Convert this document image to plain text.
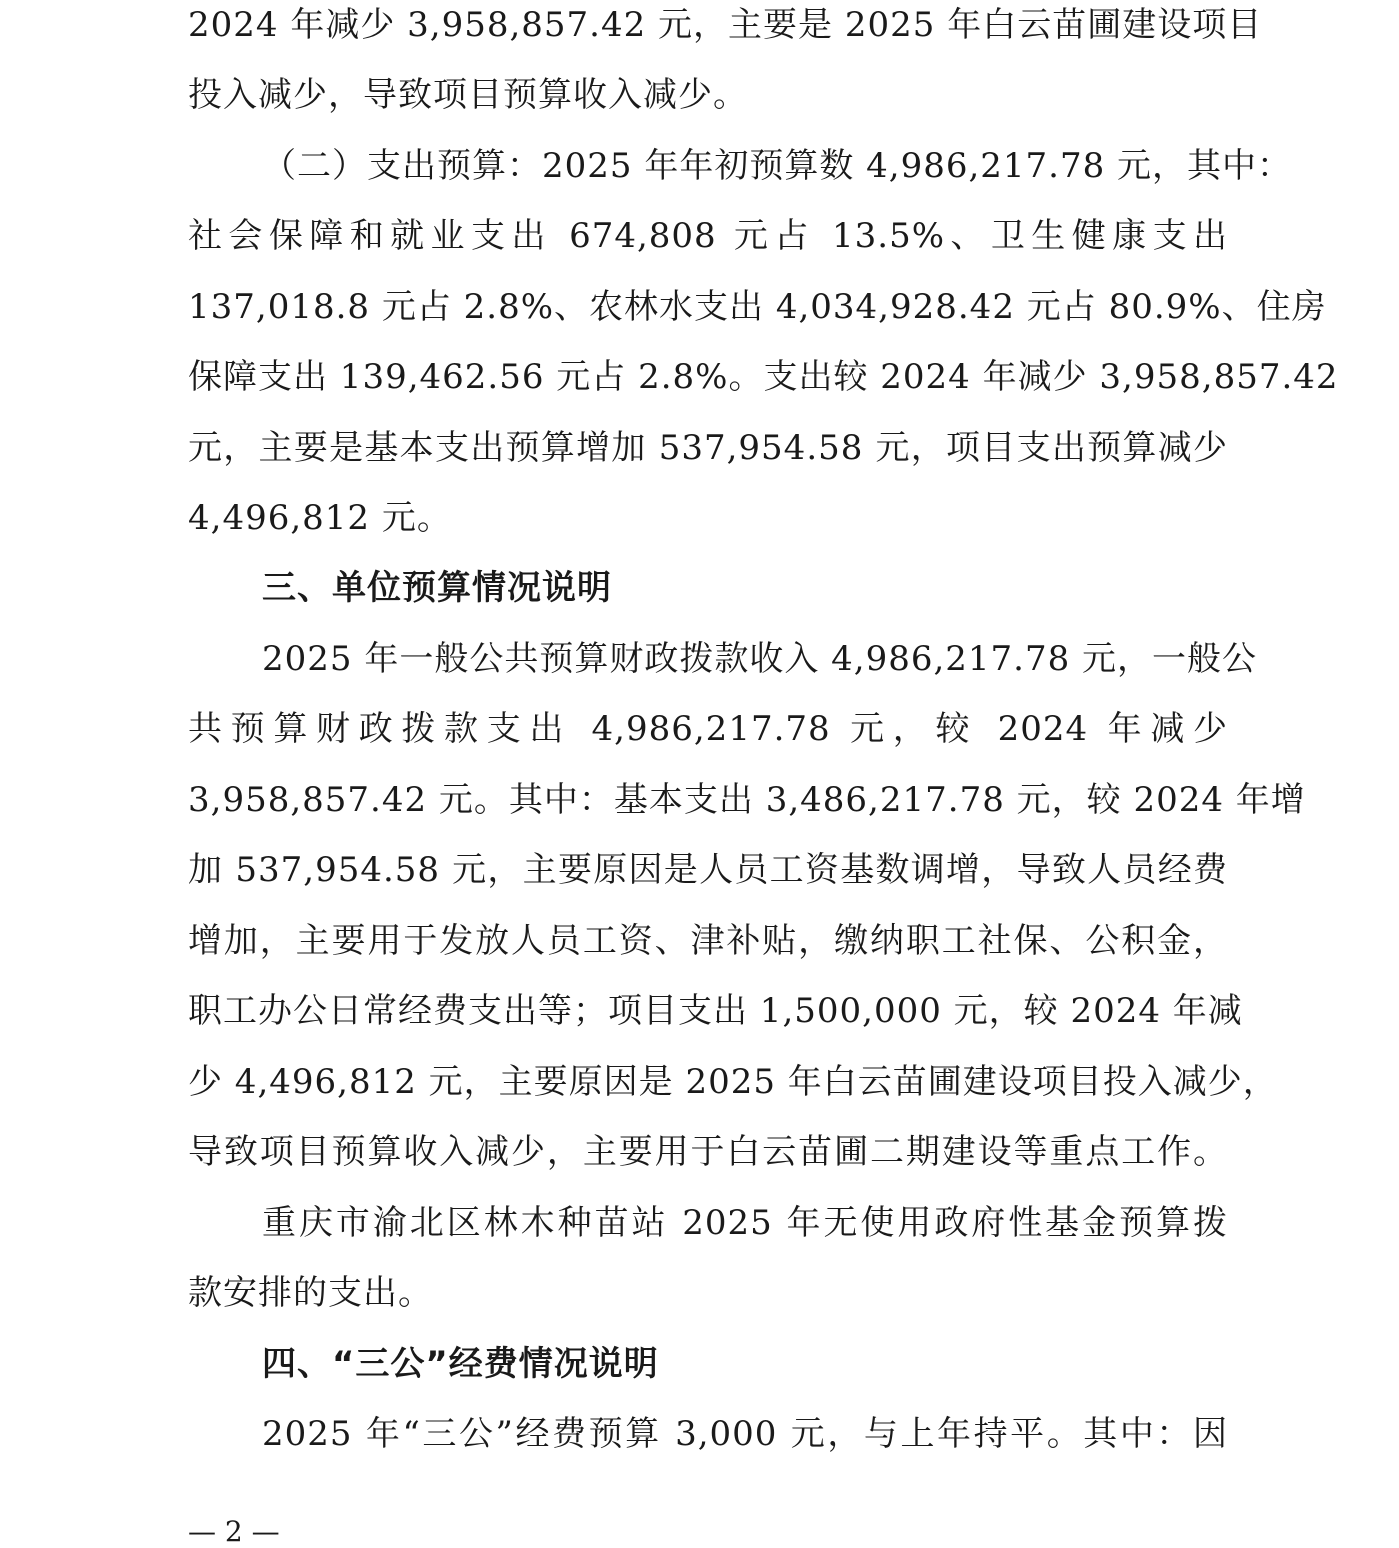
2024 年减少 3,958,857.42 元，主要是 2025 年白云苗圃建设项目
投入减少，导致项目预算收入减少。
（二）支出预算：2025 年年初预算数 4,986,217.78 元，其中：
社会保障和就业支出 674,808 元占 13.5%、卫生健康支出
137,018.8 元占 2.8%、农林水支出 4,034,928.42 元占 80.9%、住房
保障支出 139,462.56 元占 2.8%。支出较 2024 年减少 3,958,857.42
元，主要是基本支出预算增加 537,954.58 元，项目支出预算减少
4,496,812 元。
三、单位预算情况说明
2025 年一般公共预算财政拨款收入 4,986,217.78 元，一般公
共预算财政拨款支出 4,986,217.78 元，较 2024 年减少
3,958,857.42 元。其中：基本支出 3,486,217.78 元，较 2024 年增
加 537,954.58 元，主要原因是人员工资基数调增，导致人员经费
增加，主要用于发放人员工资、津补贴，缴纳职工社保、公积金，
职工办公日常经费支出等；项目支出 1,500,000 元，较 2024 年减
少 4,496,812 元，主要原因是 2025 年白云苗圃建设项目投入减少，
导致项目预算收入减少，主要用于白云苗圃二期建设等重点工作。
重庆市渝北区林木种苗站 2025 年无使用政府性基金预算拨
款安排的支出。
四、“三公”经费情况说明
2025 年“三公”经费预算 3,000 元，与上年持平。其中：因
— 2 —
